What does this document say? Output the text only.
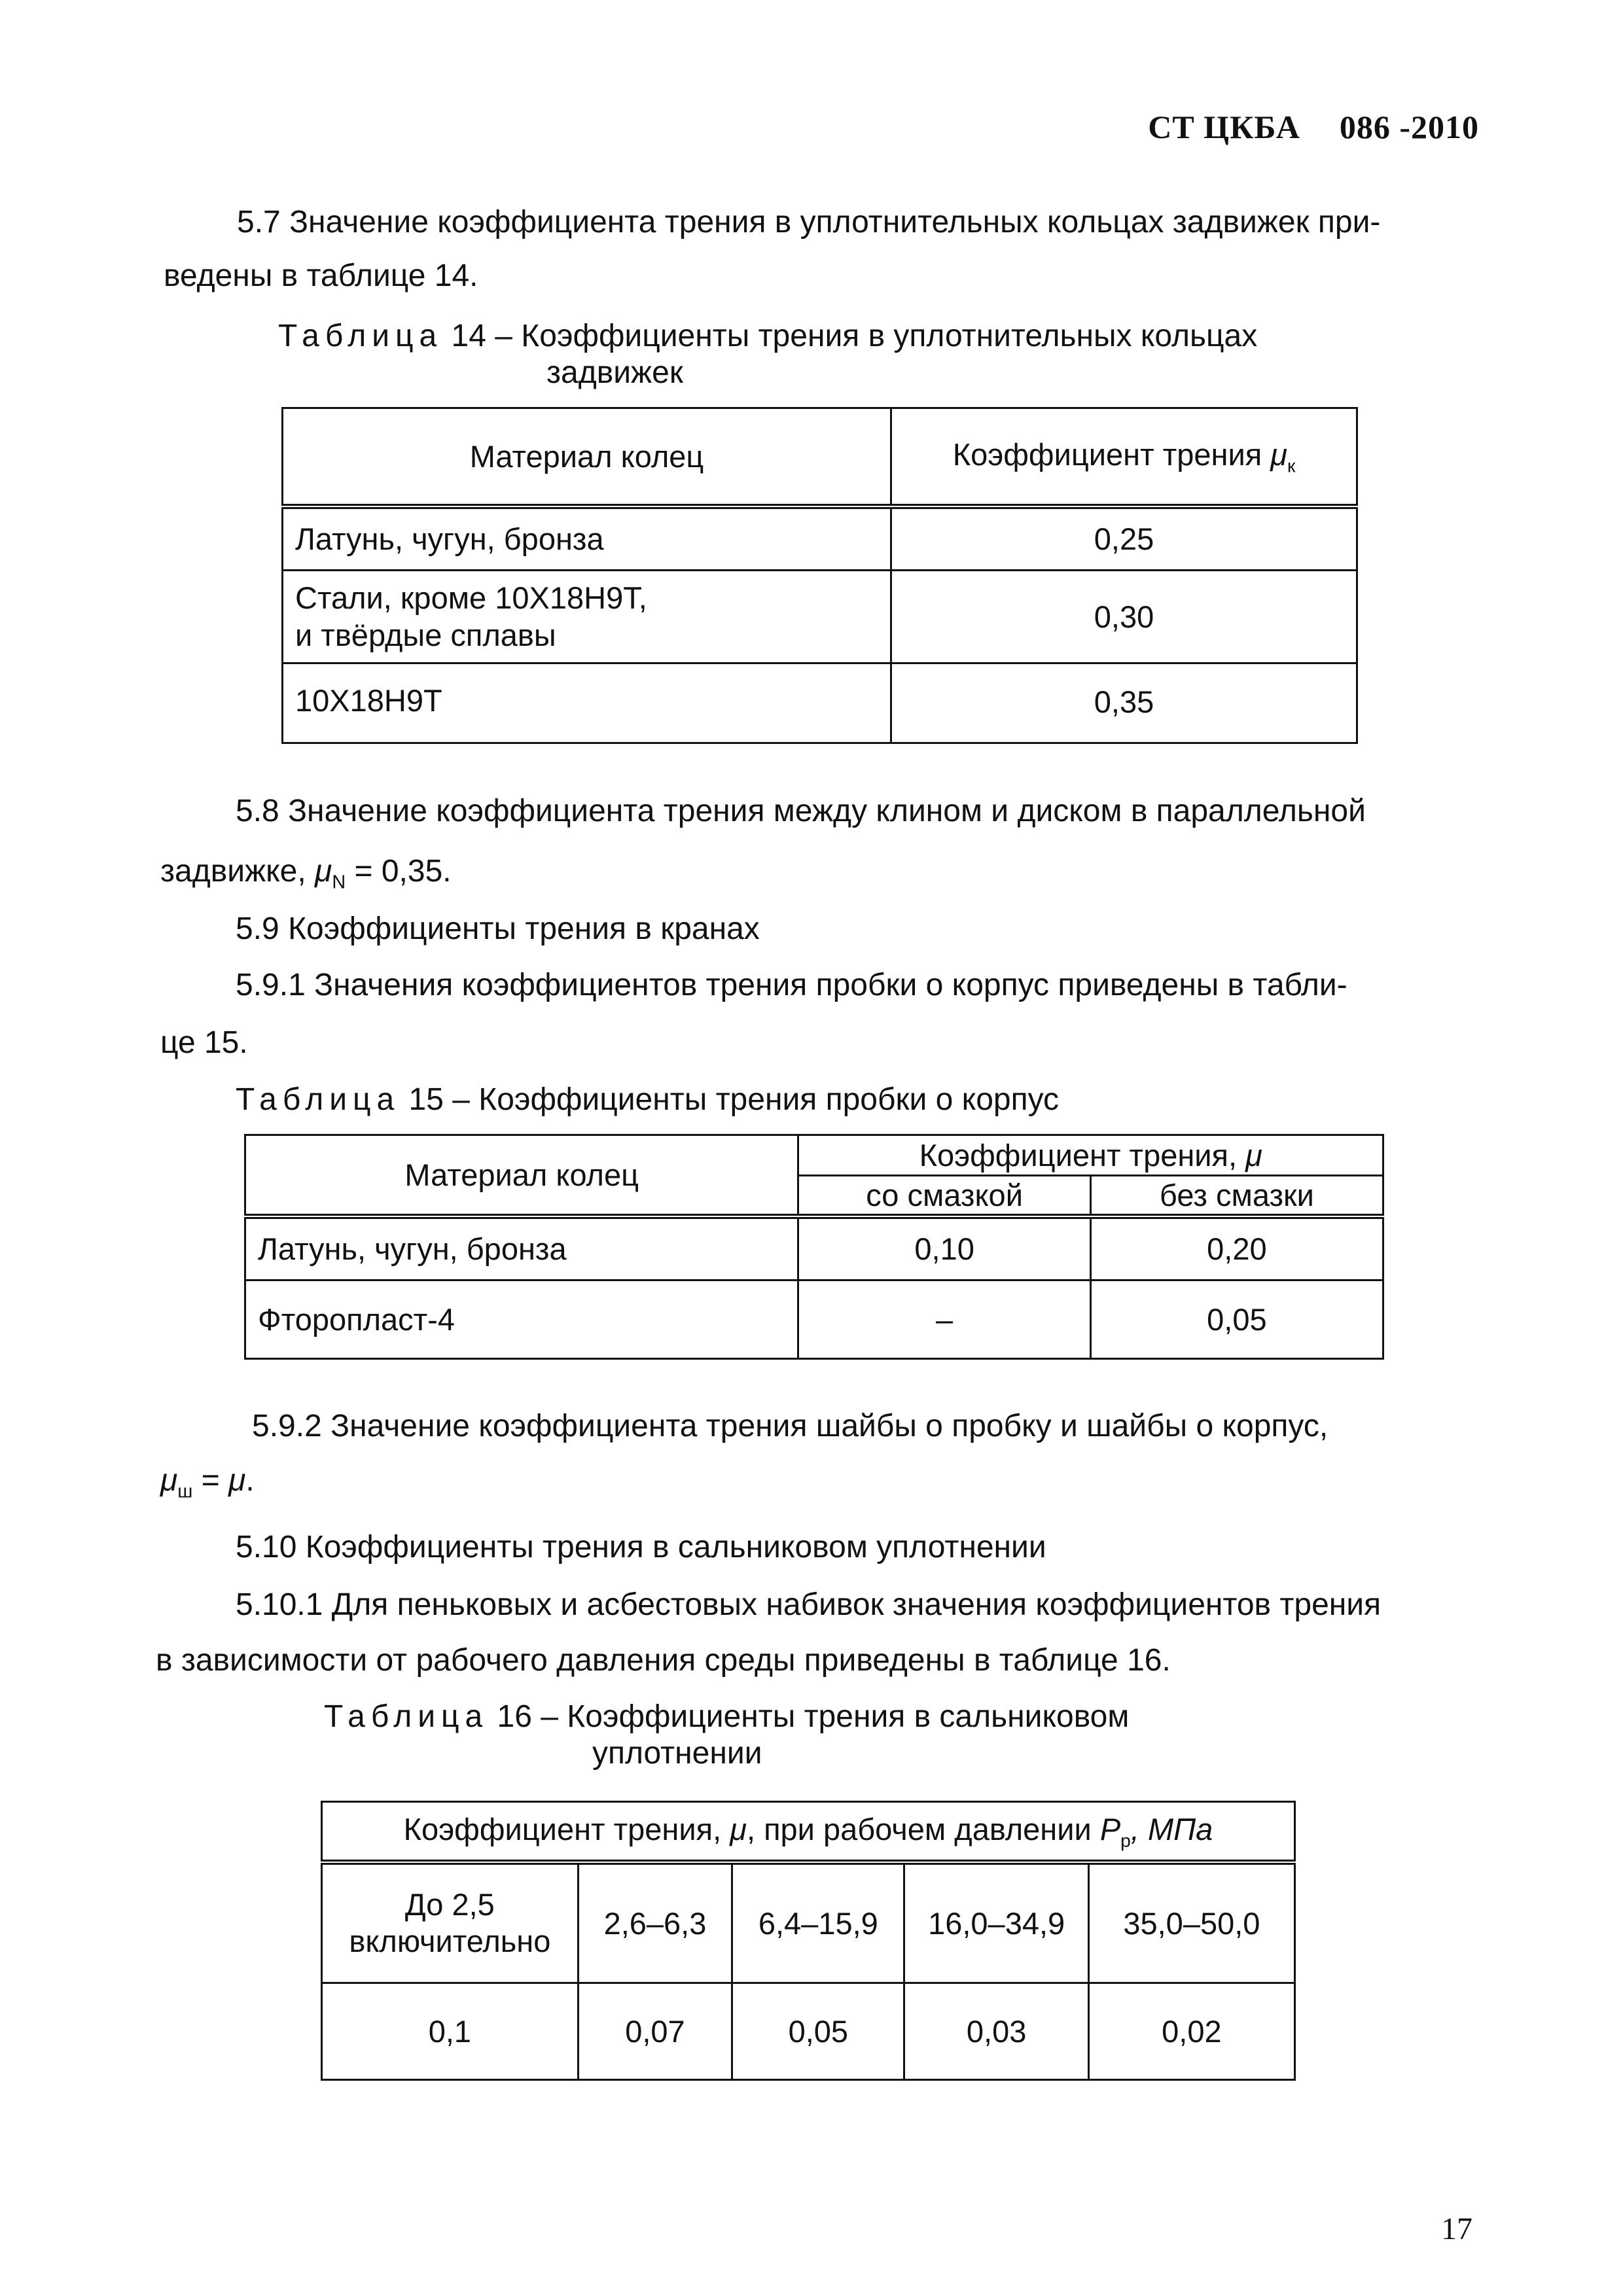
СТ ЦКБА 086 -2010
5.7 Значение коэффициента трения в уплотнительных кольцах задвижек при-
ведены в таблице 14.
Таблица 14 – Коэффициенты трения в уплотнительных кольцах
задвижек
Материал колец	Коэффициент трения $\mu_к$
Латунь, чугун, бронза	0,25
Стали, кроме 10Х18Н9Т,
и твёрдые сплавы	0,30
10Х18Н9Т	0,35
5.8 Значение коэффициента трения между клином и диском в параллельной
задвижке, $\mu_N = 0,35$.
5.9 Коэффициенты трения в кранах
5.9.1 Значения коэффициентов трения пробки о корпус приведены в табли-
це 15.
Таблица 15 – Коэффициенты трения пробки о корпус
Материал колец	Коэффициент трения, μ	
	со смазкой	без смазки
Латунь, чугун, бронза	0,10	0,20
Фторопласт-4	–	0,05
5.9.2 Значение коэффициента трения шайбы о пробку и шайбы о корпус,
$\mu_ш = \mu$.
5.10 Коэффициенты трения в сальниковом уплотнении
5.10.1 Для пеньковых и асбестовых набивок значения коэффициентов трения
в зависимости от рабочего давления среды приведены в таблице 16.
Таблица 16 – Коэффициенты трения в сальниковом
уплотнении
Коэффициент трения, μ, при рабочем давлении $P_р$, МПа				
До 2,5
включительно	2,6–6,3	6,4–15,9	16,0–34,9	35,0–50,0
0,1	0,07	0,05	0,03	0,02
17
